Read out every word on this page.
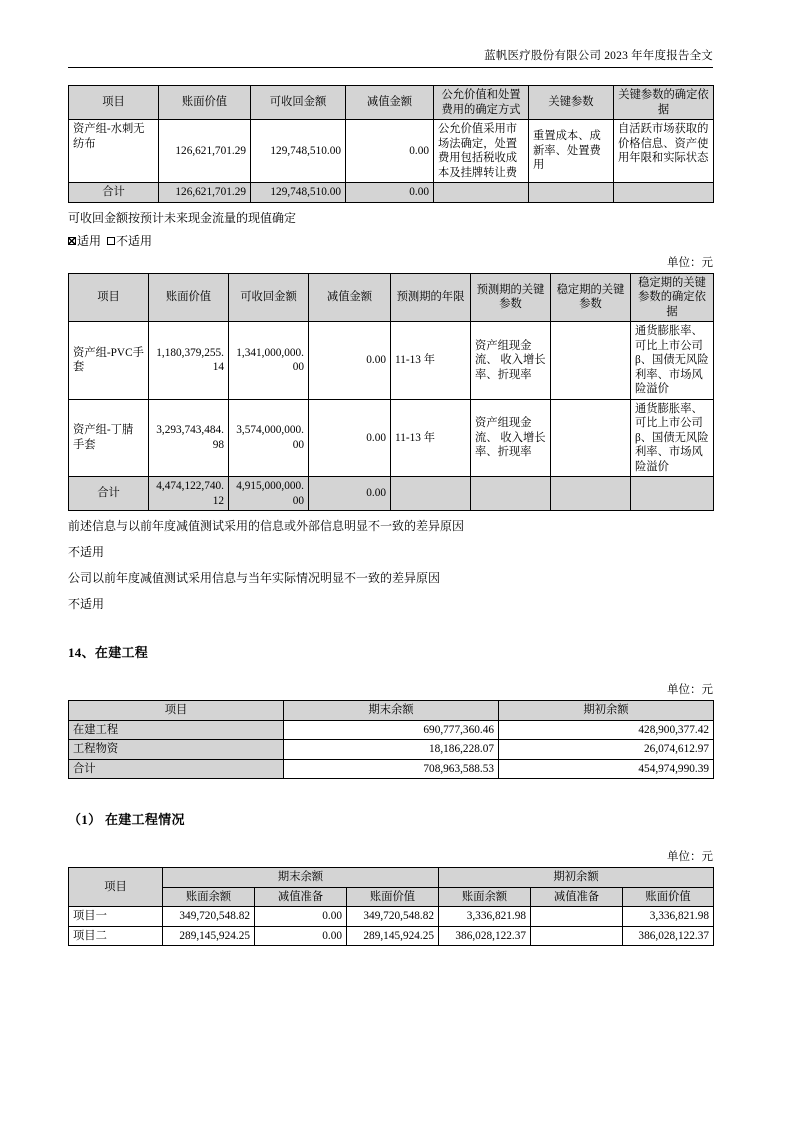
蓝帆医疗股份有限公司 2023 年年度报告全文
项目	账面价值	可收回金额	减值金额	公允价值和处置费用的确定方式	关键参数	关键参数的确定依据
资产组-水刺无纺布	126,621,701.29	129,748,510.00	0.00	公允价值采用市场法确定，处置费用包括税收成本及挂牌转让费	重置成本、成新率、处置费用	自活跃市场获取的价格信息、资产使用年限和实际状态
合计	126,621,701.29	129,748,510.00	0.00			

可收回金额按预计未来现金流量的现值确定

适用 不适用

单位：元
项目	账面价值	可收回金额	减值金额	预测期的年限	预测期的关键参数	稳定期的关键参数	稳定期的关键参数的确定依据
资产组-PVC手套	1,180,379,255.14	1,341,000,000.00	0.00	11-13 年	资产组现金流、 收入增长率、折现率		通货膨胀率、可比上市公司β、国债无风险利率、市场风险溢价
资产组-丁腈手套	3,293,743,484.98	3,574,000,000.00	0.00	11-13 年	资产组现金流、 收入增长率、折现率		通货膨胀率、可比上市公司β、国债无风险利率、市场风险溢价
合计	4,474,122,740.12	4,915,000,000.00	0.00				

前述信息与以前年度减值测试采用的信息或外部信息明显不一致的差异原因

不适用

公司以前年度减值测试采用信息与当年实际情况明显不一致的差异原因

不适用

14、在建工程
单位：元
项目	期末余额	期初余额
在建工程	690,777,360.46	428,900,377.42
工程物资	18,186,228.07	26,074,612.97
合计	708,963,588.53	454,974,990.39
（1） 在建工程情况
单位：元
项目	期末余额			期初余额		
	账面余额	减值准备	账面价值	账面余额	减值准备	账面价值
项目一	349,720,548.82	0.00	349,720,548.82	3,336,821.98		3,336,821.98
项目二	289,145,924.25	0.00	289,145,924.25	386,028,122.37		386,028,122.37
